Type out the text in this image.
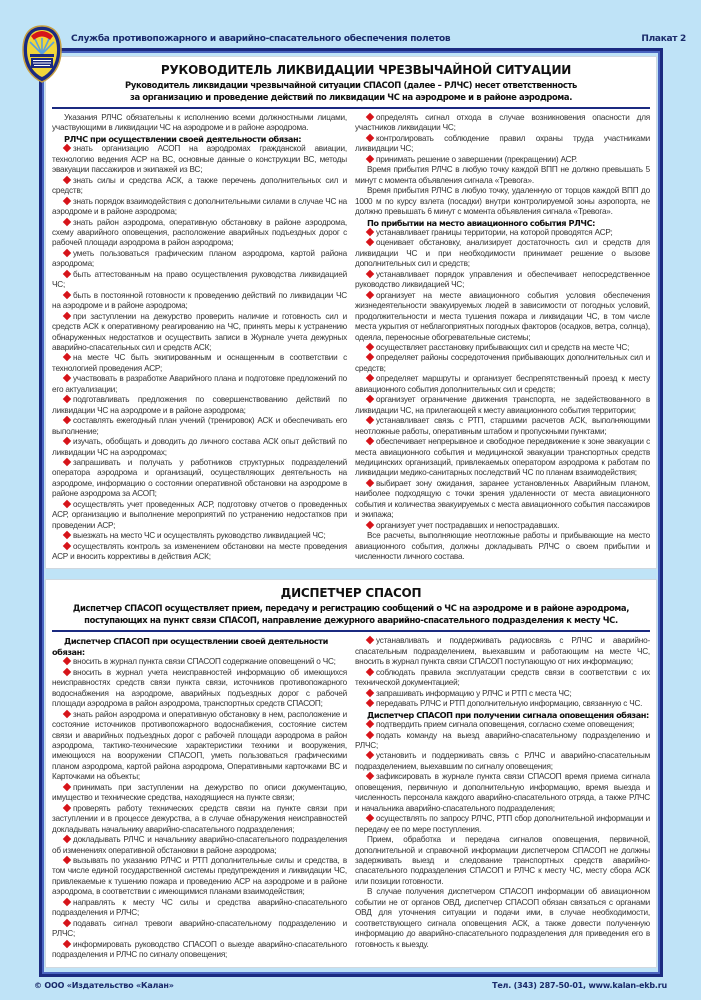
Служба противопожарного и аварийно-спасательного обеспечения полетов	Плакат 2
РУКОВОДИТЕЛЬ ЛИКВИДАЦИИ ЧРЕЗВЫЧАЙНОЙ СИТУАЦИИ
Руководитель ликвидации чрезвычайной ситуации СПАСОП (далее – РЛЧС) несет ответственность
за организацию и проведение действий по ликвидации ЧС на аэродроме и в районе аэродрома.

Указания РЛЧС обязательны к исполнению всеми должностными лицами, участвующими в ликвидации ЧС на аэродроме и в районе аэродрома.

РЛЧС при осуществлении своей деятельности обязан:

знать организацию АСОП на аэродромах гражданской авиации, технологию ведения АСР на ВС, основные данные о конструкции ВС, методы эвакуации пассажиров и экипажей из ВС;

знать силы и средства АСК, а также перечень дополнительных сил и средств;

знать порядок взаимодействия с дополнительными силами в случае ЧС на аэродроме и в районе аэродрома;

знать район аэродрома, оперативную обстановку в районе аэродрома, схему аварийного оповещения, расположение аварийных подъездных дорог с рабочей площади аэродрома в район аэродрома;

уметь пользоваться графическим планом аэродрома, картой района аэродрома;

быть аттестованным на право осуществления руководства ликвидацией ЧС;

быть в постоянной готовности к проведению действий по ликвидации ЧС на аэродроме и в районе аэродрома;

при заступлении на дежурство проверить наличие и готовность сил и средств АСК к оперативному реагированию на ЧС, принять меры к устранению обнаруженных недостатков и осуществить записи в Журнале учета дежурных аварийно-спасательных сил и средств АСК;

на месте ЧС быть экипированным и оснащенным в соответствии с технологией проведения АСР;

участвовать в разработке Аварийного плана и подготовке предложений по его актуализации;

подготавливать предложения по совершенствованию действий по ликвидации ЧС на аэродроме и в районе аэродрома;

составлять ежегодный план учений (тренировок) АСК и обеспечивать его выполнение;

изучать, обобщать и доводить до личного состава АСК опыт действий по ликвидации ЧС на аэродромах;

запрашивать и получать у работников структурных подразделений оператора аэродрома и организаций, осуществляющих деятельность на аэродроме, информацию о состоянии оперативной обстановки на аэродроме в районе аэродрома за АСОП;

осуществлять учет проведенных АСР, подготовку отчетов о проведенных АСР, организацию и выполнение мероприятий по устранению недостатков при проведении АСР;

выезжать на место ЧС и осуществлять руководство ликвидацией ЧС;

осуществлять контроль за изменением обстановки на месте проведения АСР и вносить коррективы в действия АСК;

определять сигнал отхода в случае возникновения опасности для участников ликвидации ЧС;

контролировать соблюдение правил охраны труда участниками ликвидации ЧС;

принимать решение о завершении (прекращении) АСР.

Время прибытия РЛЧС в любую точку каждой ВПП не должно превышать 5 минут с момента объявления сигнала «Тревога».

Время прибытия РЛЧС в любую точку, удаленную от торцов каждой ВПП до 1000 м по курсу взлета (посадки) внутри контролируемой зоны аэропорта, не должно превышать 6 минут с момента объявления сигнала «Тревога».

По прибытии на место авиационного события РЛЧС:

устанавливает границы территории, на которой проводятся АСР;

оценивает обстановку, анализирует достаточность сил и средств для ликвидации ЧС и при необходимости принимает решение о вызове дополнительных сил и средств;

устанавливает порядок управления и обеспечивает непосредственное руководство ликвидацией ЧС;

организует на месте авиационного события условия обеспечения жизнедеятельности эвакуируемых людей в зависимости от погодных условий, продолжительности и места тушения пожара и ликвидации ЧС, в том числе места укрытия от неблагоприятных погодных факторов (осадков, ветра, солнца), одеяла, переносные обогревательные системы;

осуществляет расстановку прибывающих сил и средств на месте ЧС;

определяет районы сосредоточения прибывающих дополнительных сил и средств;

определяет маршруты и организует беспрепятственный проезд к месту авиационного события дополнительных сил и средств;

организует ограничение движения транспорта, не задействованного в ликвидации ЧС, на прилегающей к месту авиационного события территории;

устанавливает связь с РТП, старшими расчетов АСК, выполняющими неотложные работы, оперативным штабом и пропускными пунктами;

обеспечивает непрерывное и свободное передвижение к зоне эвакуации с места авиационного события и медицинской эвакуации транспортных средств медицинских организаций, привлекаемых оператором аэродрома к работам по ликвидации медико-санитарных последствий ЧС по планам взаимодействия;

выбирает зону ожидания, заранее установленных Аварийным планом, наиболее подходящую с точки зрения удаленности от места авиационного события и количества эвакуируемых с места авиационного события пассажиров и экипажа;

организует учет пострадавших и непострадавших.

Все расчеты, выполняющие неотложные работы и прибывающие на место авиационного события, должны докладывать РЛЧС о своем прибытии и численности личного состава.

ДИСПЕТЧЕР СПАСОП
Диспетчер СПАСОП осуществляет прием, передачу и регистрацию сообщений о ЧС на аэродроме и в районе аэродрома,
поступающих на пункт связи СПАСОП, направление дежурного аварийно-спасательного подразделения к месту ЧС.

Диспетчер СПАСОП при осуществлении своей деятельности обязан:

вносить в журнал пункта связи СПАСОП содержание оповещений о ЧС;

вносить в журнал учета неисправностей информацию об имеющихся неисправностях средств связи пункта связи, источников противопожарного водоснабжения на аэродроме, аварийных подъездных дорог с рабочей площади аэродрома в район аэродрома, транспортных средств СПАСОП;

знать район аэродрома и оперативную обстановку в нем, расположение и состояние источников противопожарного водоснабжения, состояние систем связи и аварийных подъездных дорог с рабочей площади аэродрома в район аэродрома, тактико-технические характеристики техники и вооружения, имеющихся на вооружении СПАСОП, уметь пользоваться графическими планом аэродрома, картой района аэродрома, Оперативными карточками ВС и Карточками на объекты;

принимать при заступлении на дежурство по описи документацию, имущество и технические средства, находящиеся на пункте связи;

проверять работу технических средств связи на пункте связи при заступлении и в процессе дежурства, а в случае обнаружения неисправностей докладывать начальнику аварийно-спасательного подразделения;

докладывать РЛЧС и начальнику аварийно-спасательного подразделения об изменениях оперативной обстановки в районе аэродрома;

вызывать по указанию РЛЧС и РТП дополнительные силы и средства, в том числе единой государственной системы предупреждения и ликвидации ЧС, привлекаемые к тушению пожара и проведению АСР на аэродроме и в районе аэродрома, в соответствии с имеющимися планами взаимодействия;

направлять к месту ЧС силы и средства аварийно-спасательного подразделения и РЛЧС;

подавать сигнал тревоги аварийно-спасательному подразделению и РЛЧС;

информировать руководство СПАСОП о выезде аварийно-спасательного подразделения и РЛЧС по сигналу оповещения;

устанавливать и поддерживать радиосвязь с РЛЧС и аварийно-спасательным подразделением, выехавшим и работающим на месте ЧС, вносить в журнал пункта связи СПАСОП поступающую от них информацию;

соблюдать правила эксплуатации средств связи в соответствии с их технической документацией;

запрашивать информацию у РЛЧС и РТП с места ЧС;

передавать РЛЧС и РТП дополнительную информацию, связанную с ЧС.

Диспетчер СПАСОП при получении сигнала оповещения обязан:

подтвердить прием сигнала оповещения, согласно схеме оповещения;

подать команду на выезд аварийно-спасательному подразделению и РЛЧС;

установить и поддерживать связь с РЛЧС и аварийно-спасательным подразделением, выехавшим по сигналу оповещения;

зафиксировать в журнале пункта связи СПАСОП время приема сигнала оповещения, первичную и дополнительную информацию, время выезда и численность персонала каждого аварийно-спасательного отряда, а также РЛЧС и начальника аварийно-спасательного подразделения;

осуществлять по запросу РЛЧС, РТП сбор дополнительной информации и передачу ее по мере поступления.

Прием, обработка и передача сигналов оповещения, первичной, дополнительной и справочной информации диспетчером СПАСОП не должны задерживать выезд и следование транспортных средств аварийно-спасательного подразделения СПАСОП и РЛЧС к месту ЧС, месту сбора АСК или позиции готовности.

В случае получения диспетчером СПАСОП информации об авиационном событии не от органов ОВД, диспетчер СПАСОП обязан связаться с органами ОВД для уточнения ситуации и подачи ими, в случае необходимости, соответствующего сигнала оповещения АСК, а также довести полученную информацию до аварийно-спасательного подразделения для приведения его в готовность к выезду.

© ООО «Издательство «Калан»	Тел. (343) 287-50-01, www.kalan-ekb.ru
